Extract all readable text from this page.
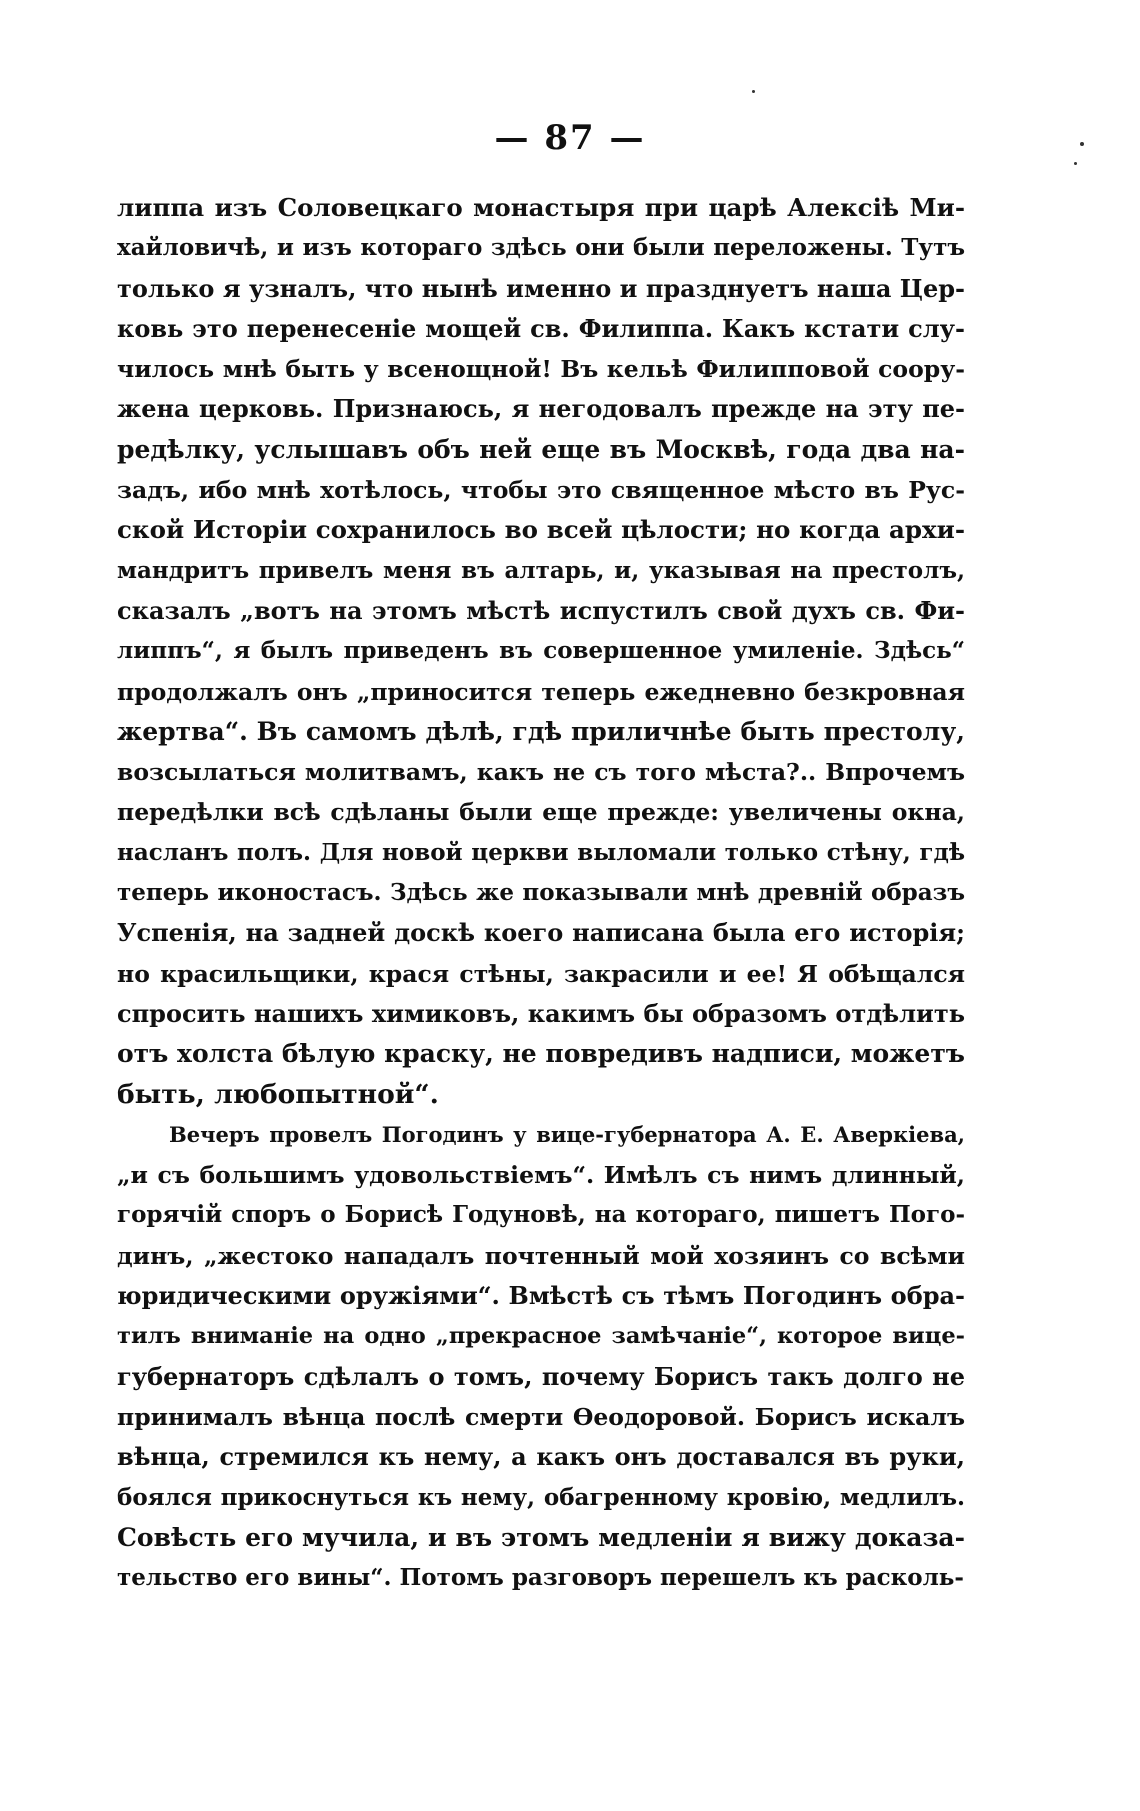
— 87 —
липпа изъ Соловецкаго монастыря при царѣ Алексіѣ Ми-
хайловичѣ, и изъ котораго здѣсь они были переложены. Тутъ
только я узналъ, что нынѣ именно и празднуетъ наша Цер-
ковь это перенесеніе мощей св. Филиппа. Какъ кстати слу-
чилось мнѣ быть у всенощной! Въ кельѣ Филипповой соору-
жена церковь. Признаюсь, я негодовалъ прежде на эту пе-
редѣлку, услышавъ объ ней еще въ Москвѣ, года два на-
задъ, ибо мнѣ хотѣлось, чтобы это священное мѣсто въ Рус-
ской Исторіи сохранилось во всей цѣлости; но когда архи-
мандритъ привелъ меня въ алтарь, и, указывая на престолъ,
сказалъ „вотъ на этомъ мѣстѣ испустилъ свой духъ св. Фи-
липпъ“, я былъ приведенъ въ совершенное умиленіе. Здѣсь“
продолжалъ онъ „приносится теперь ежедневно безкровная
жертва“. Въ самомъ дѣлѣ, гдѣ приличнѣе быть престолу,
возсылаться молитвамъ, какъ не съ того мѣста?.. Впрочемъ
передѣлки всѣ сдѣланы были еще прежде: увеличены окна,
насланъ полъ. Для новой церкви выломали только стѣну, гдѣ
теперь иконостасъ. Здѣсь же показывали мнѣ древній образъ
Успенія, на задней доскѣ коего написана была его исторія;
но красильщики, крася стѣны, закрасили и ее! Я обѣщался
спросить нашихъ химиковъ, какимъ бы образомъ отдѣлить
отъ холста бѣлую краску, не повредивъ надписи, можетъ
быть, любопытной“.
Вечеръ провелъ Погодинъ у вице-губернатора А. Е. Аверкіева,
„и съ большимъ удовольствіемъ“. Имѣлъ съ нимъ длинный,
горячій споръ о Борисѣ Годуновѣ, на котораго, пишетъ Пого-
динъ, „жестоко нападалъ почтенный мой хозяинъ со всѣми
юридическими оружіями“. Вмѣстѣ съ тѣмъ Погодинъ обра-
тилъ вниманіе на одно „прекрасное замѣчаніе“, которое вице-
губернаторъ сдѣлалъ о томъ, почему Борисъ такъ долго не
принималъ вѣнца послѣ смерти Ѳеодоровой. Борисъ искалъ
вѣнца, стремился къ нему, а какъ онъ доставался въ руки,
боялся прикоснуться къ нему, обагренному кровію, медлилъ.
Совѣсть его мучила, и въ этомъ медленіи я вижу доказа-
тельство его вины“. Потомъ разговоръ перешелъ къ расколь-
